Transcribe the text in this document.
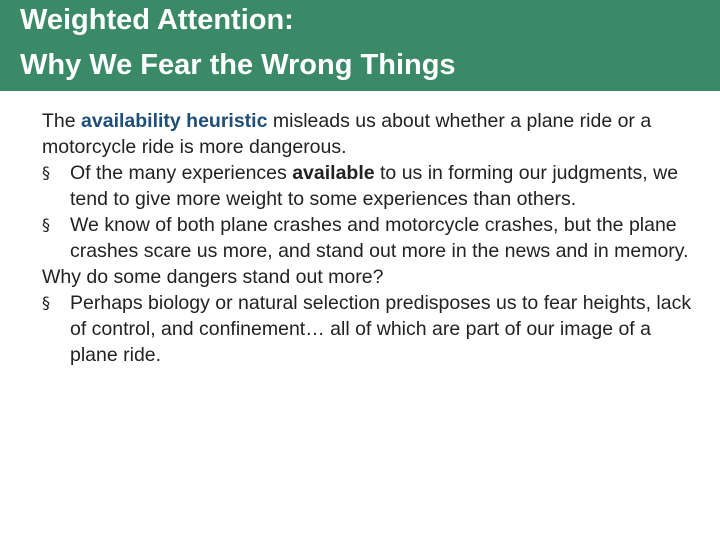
Weighted Attention:
Why We Fear the Wrong Things

The availability heuristic misleads us about whether a plane ride or a motorcycle ride is more dangerous.

§	Of the many experiences available to us in forming our judgments, we tend to give more weight to some experiences than others.

§	We know of both plane crashes and motorcycle crashes, but the plane crashes scare us more, and stand out more in the news and in memory.

Why do some dangers stand out more?

§	Perhaps biology or natural selection predisposes us to fear heights, lack of control, and confinement… all of which are part of our image of a plane ride.
